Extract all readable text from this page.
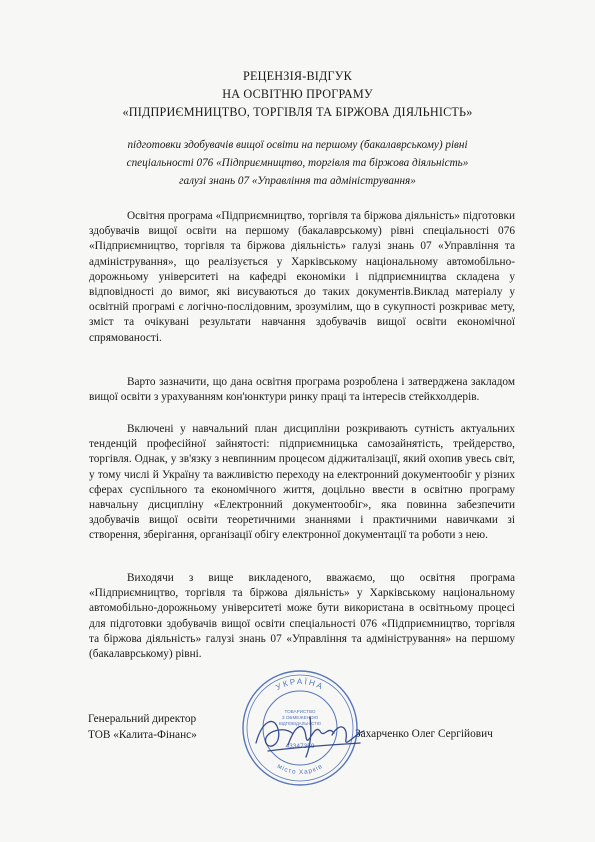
РЕЦЕНЗІЯ-ВІДГУК
НА ОСВІТНЮ ПРОГРАМУ
«ПІДПРИЄМНИЦТВО, ТОРГІВЛЯ ТА БІРЖОВА ДІЯЛЬНІСТЬ»
підготовки здобувачів вищої освіти на першому (бакалаврському) рівні
спеціальності 076 «Підприємництво, торгівля та біржова діяльність»
галузі знань 07 «Управління та адміністрування»
Освітня програма «Підприємництво, торгівля та біржова діяльність» підготовки здобувачів вищої освіти на першому (бакалаврському) рівні спеціальності 076 «Підприємництво, торгівля та біржова діяльність» галузі знань 07 «Управління та адміністрування», що реалізується у Харківському національному автомобільно-дорожньому університеті на кафедрі економіки і підприємництва складена у відповідності до вимог, які висуваються до таких документів.Виклад матеріалу у освітній програмі є логічно-послідовним, зрозумілим, що в сукупності розкриває мету, зміст та очікувані результати навчання здобувачів вищої освіти економічної спрямованості.
Варто зазначити, що дана освітня програма розроблена і затверджена закладом вищої освіти з урахуванням кон'юнктури ринку праці та інтересів стейкхолдерів.
Включені у навчальний план дисципліни розкривають сутність актуальних тенденцій професійної зайнятості: підприємницька самозайнятість, трейдерство, торгівля. Однак, у зв'язку з невпинним процесом діджиталізації, який охопив увесь світ, у тому числі й Україну та важливістю переходу на електронний документообіг у різних сферах суспільного та економічного життя, доцільно ввести в освітню програму навчальну дисципліну «Електронний документообіг», яка повинна забезпечити здобувачів вищої освіти теоретичними знаннями і практичними навичками зі створення, зберігання, організації обігу електронної документації та роботи з нею.
Виходячи з вище викладеного, вважаємо, що освітня програма «Підприємництво, торгівля та біржова діяльність» у Харківському національному автомобільно-дорожньому університеті може бути використана в освітньому процесі для підготовки здобувачів вищої освіти спеціальності 076 «Підприємництво, торгівля та біржова діяльність» галузі знань 07 «Управління та адміністрування» на першому (бакалаврському) рівні.
Генеральний директор
ТОВ «Калита-Фінанс»	Захарченко Олег Сергійович
УКРАЇНА
місто Харків
ТОВАРИСТВО
З ОБМЕЖЕНОЮ
ВІДПОВІДАЛЬНІСТЮ
43347359
